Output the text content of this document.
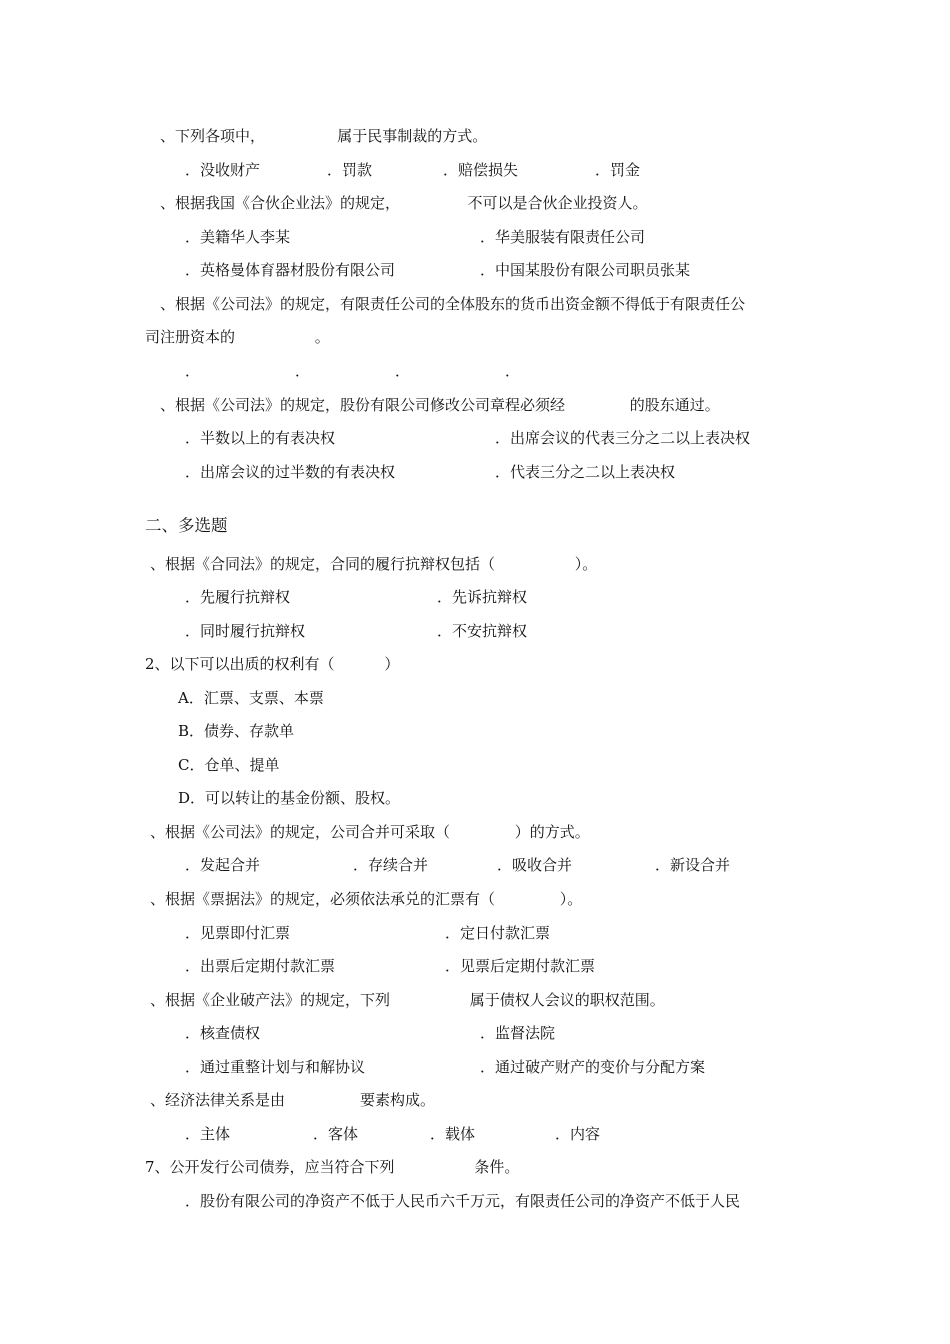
、下列各项中，　　　　　 属于民事制裁的方式。
．没收财产	．罚款	．赔偿损失	．罚金
、根据我国《合伙企业法》的规定，　　　　　不可以是合伙企业投资人。
．美籍华人李某	．华美服装有限责任公司
．英格曼体育器材股份有限公司	．中国某股份有限公司职员张某
、根据《公司法》的规定，有限责任公司的全体股东的货币出资金额不得低于有限责任公
司注册资本的　　　　 　。
．	．	．	．
、根据《公司法》的规定，股份有限公司修改公司章程必须经　　　　 的股东通过。
．半数以上的有表决权	．出席会议的代表三分之二以上表决权
．出席会议的过半数的有表决权	．代表三分之二以上表决权
二、多选题
、根据《合同法》的规定，合同的履行抗辩权包括（　　　　 　）。
．先履行抗辩权	．先诉抗辩权
．同时履行抗辩权	．不安抗辩权
2、以下可以出质的权利有（　　　 ）
A．汇票、支票、本票
B．债券、存款单
C．仓单、提单
D．可以转让的基金份额、股权。
、根据《公司法》的规定，公司合并可采取（　　　　 ）的方式。
．发起合并	．存续合并	．吸收合并	．新设合并
、根据《票据法》的规定，必须依法承兑的汇票有（　　　　 ）。
．见票即付汇票	．定日付款汇票
．出票后定期付款汇票	．见票后定期付款汇票
、根据《企业破产法》的规定，下列　　　　　 属于债权人会议的职权范围。
．核查债权	．监督法院
．通过重整计划与和解协议	．通过破产财产的变价与分配方案
、经济法律关系是由　　　　　要素构成。
．主体	．客体	．载体	．内容
7、公开发行公司债券，应当符合下列　　　　　 条件。
．股份有限公司的净资产不低于人民币六千万元，有限责任公司的净资产不低于人民
